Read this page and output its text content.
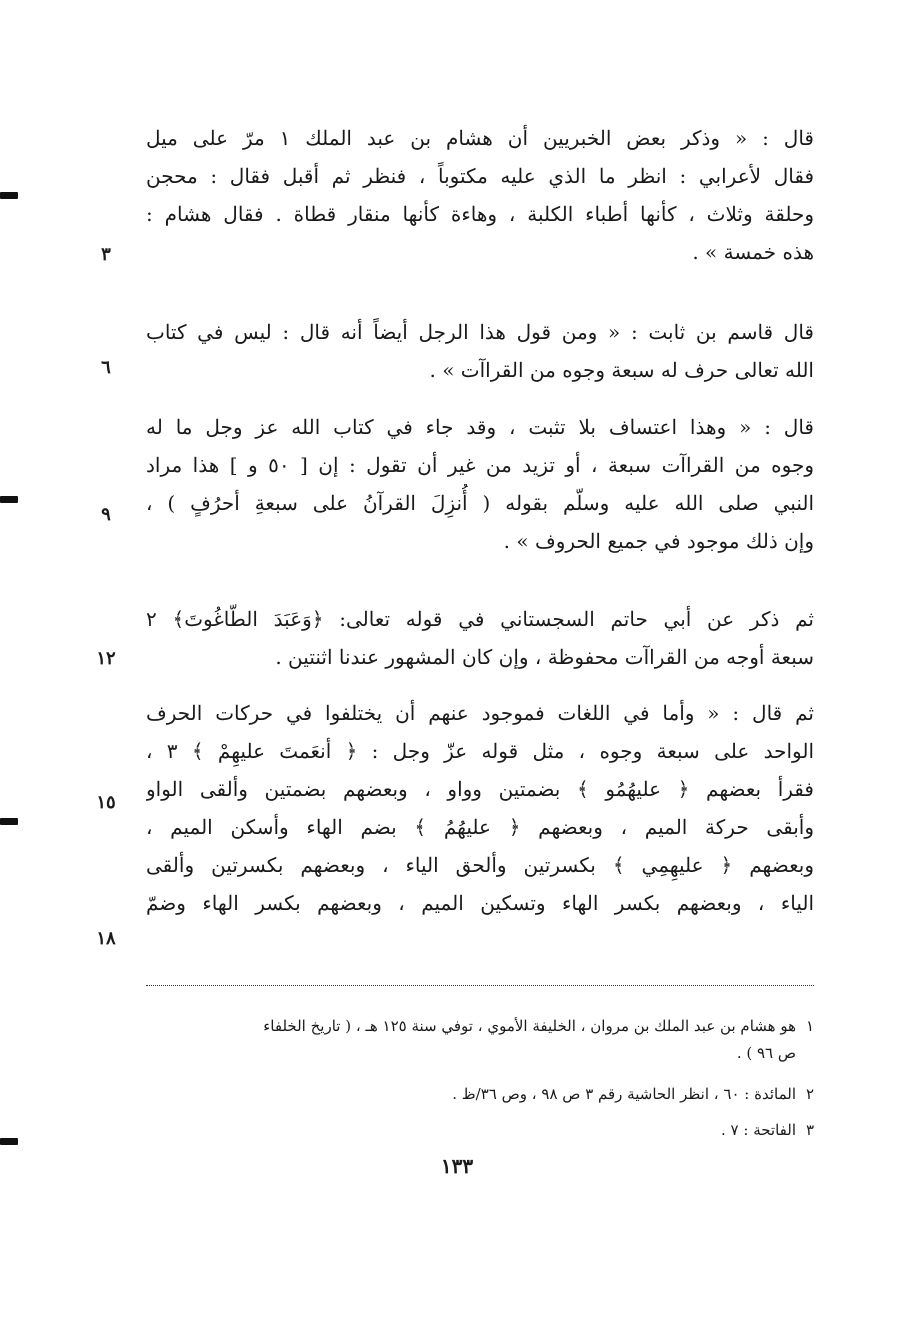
قال : « وذكر بعض الخبريين أن هشام بن عبد الملك ١ مرّ على ميل
فقال لأعرابي : انظر ما الذي عليه مكتوباً ، فنظر ثم أقبل فقال : محجن
وحلقة وثلاث ، كأنها أطباء الكلبة ، وهاءة كأنها منقار قطاة . فقال هشام :
هذه خمسة » .
قال قاسم بن ثابت : « ومن قول هذا الرجل أيضاً أنه قال : ليس في كتاب
الله تعالى حرف له سبعة وجوه من القراآت » .
قال : « وهذا اعتساف بلا تثبت ، وقد جاء في كتاب الله عز وجل ما له
وجوه من القراآت سبعة ، أو تزيد من غير أن تقول : إن [ ٥٠ و ] هذا مراد
النبي صلى الله عليه وسلّم بقوله ( أُنزِلَ القرآنُ على سبعةِ أحرُفٍ ) ،
وإن ذلك موجود في جميع الحروف » .
ثم ذكر عن أبي حاتم السجستاني في قوله تعالى: ﴿وَعَبَدَ الطّاغُوتَ﴾ ٢
سبعة أوجه من القراآت محفوظة ، وإن كان المشهور عندنا اثنتين .
ثم قال : « وأما في اللغات فموجود عنهم أن يختلفوا في حركات الحرف
الواحد على سبعة وجوه ، مثل قوله عزّ وجل : ﴿ أنعَمتَ عليهِمْ ﴾ ٣ ،
فقرأ بعضهم ﴿ عليهُمُو ﴾ بضمتين وواو ، وبعضهم بضمتين وألقى الواو
وأبقى حركة الميم ، وبعضهم ﴿ عليهُمُ ﴾ بضم الهاء وأسكن الميم ،
وبعضهم ﴿ عليهِمِي ﴾ بكسرتين وألحق الياء ، وبعضهم بكسرتين وألقى
الياء ، وبعضهم بكسر الهاء وتسكين الميم ، وبعضهم بكسر الهاء وضمّ
٣
٦
٩
١٢
١٥
١٨
١هو هشام بن عبد الملك بن مروان ، الخليفة الأموي ، توفي سنة ١٢٥ هـ ، ( تاريخ الخلفاء
ص ٩٦ ) .
٢المائدة : ٦٠ ، انظر الحاشية رقم ٣ ص ٩٨ ، وص ٣٦/ظ .
٣الفاتحة : ٧ .
١٣٣
